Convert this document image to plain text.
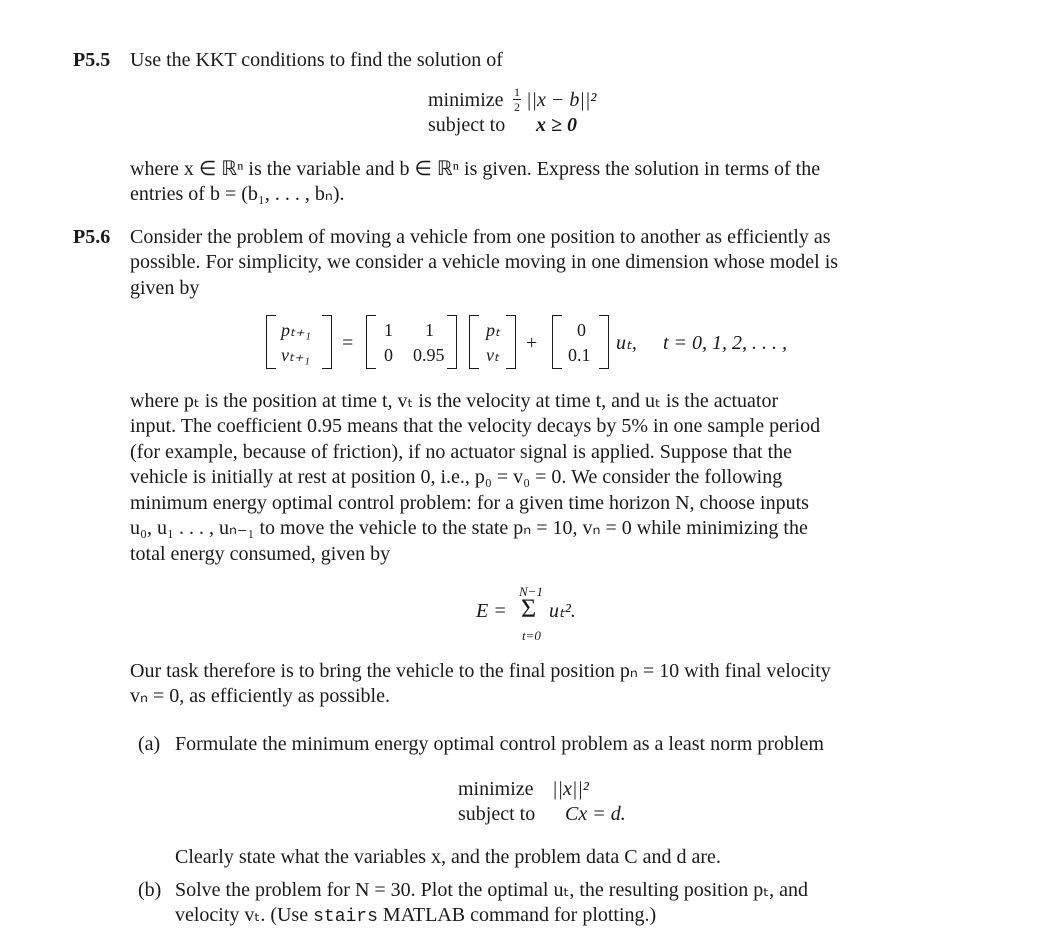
P5.5 Use the KKT conditions to find the solution of
minimize 1
2 ||x − b||²
subject to x ≥ 0
where x ∈ ℝⁿ is the variable and b ∈ ℝⁿ is given. Express the solution in terms of the
entries of b = (b₁, . . . , bₙ).
P5.6 Consider the problem of moving a vehicle from one position to another as efficiently as
possible. For simplicity, we consider a vehicle moving in one dimension whose model is
given by
pₜ₊₁
vₜ₊₁
=
1 1
0 0.95
pₜ
vₜ
+
0
0.1
uₜ, t = 0, 1, 2, . . . ,
where pₜ is the position at time t, vₜ is the velocity at time t, and uₜ is the actuator
input. The coefficient 0.95 means that the velocity decays by 5% in one sample period
(for example, because of friction), if no actuator signal is applied. Suppose that the
vehicle is initially at rest at position 0, i.e., p₀ = v₀ = 0. We consider the following
minimum energy optimal control problem: for a given time horizon N, choose inputs
u₀, u₁ . . . , uₙ₋₁ to move the vehicle to the state pₙ = 10, vₙ = 0 while minimizing the
total energy consumed, given by
E =
N−1
Σ
t=0
uₜ².
Our task therefore is to bring the vehicle to the final position pₙ = 10 with final velocity
vₙ = 0, as efficiently as possible.
(a) Formulate the minimum energy optimal control problem as a least norm problem
minimize ||x||²
subject to Cx = d.
Clearly state what the variables x, and the problem data C and d are.
(b) Solve the problem for N = 30. Plot the optimal uₜ, the resulting position pₜ, and
velocity vₜ. (Use stairs MATLAB command for plotting.)
